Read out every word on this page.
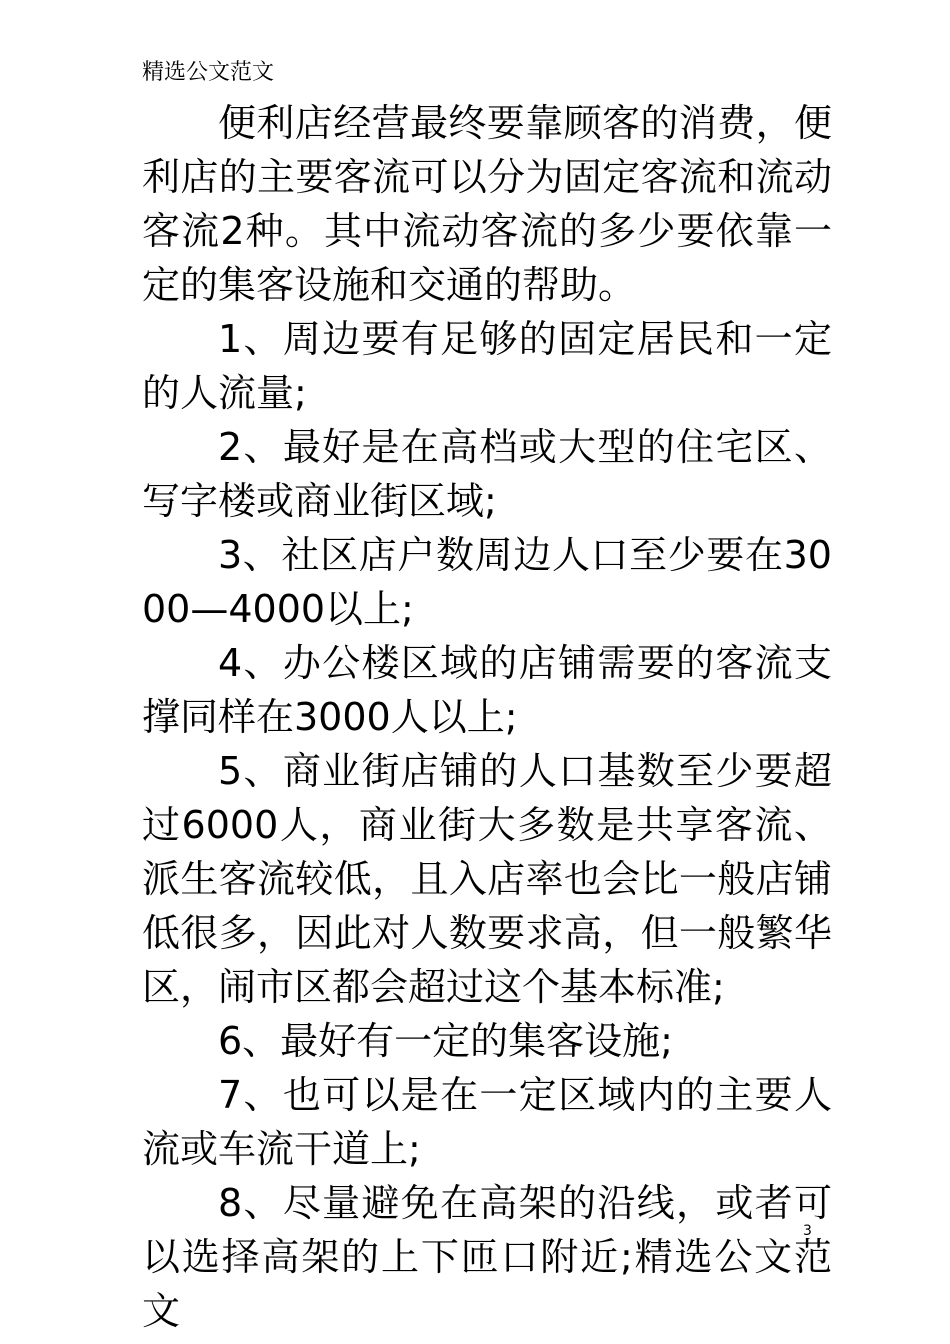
精选公文范文

便利店经营最终要靠顾客的消费，便利店的主要客流可以分为固定客流和流动客流2种。其中流动客流的多少要依靠一定的集客设施和交通的帮助。

1、周边要有足够的固定居民和一定的人流量;

2、最好是在高档或大型的住宅区、写字楼或商业街区域;

3、社区店户数周边人口至少要在3000—4000以上;

4、办公楼区域的店铺需要的客流支撑同样在3000人以上;

5、商业街店铺的人口基数至少要超过6000人，商业街大多数是共享客流、派生客流较低，且入店率也会比一般店铺低很多，因此对人数要求高，但一般繁华区，闹市区都会超过这个基本标准;

6、最好有一定的集客设施;

7、也可以是在一定区域内的主要人流或车流干道上;

8、尽量避免在高架的沿线，或者可以选择高架的上下匝口附近;精选公文范文

3
